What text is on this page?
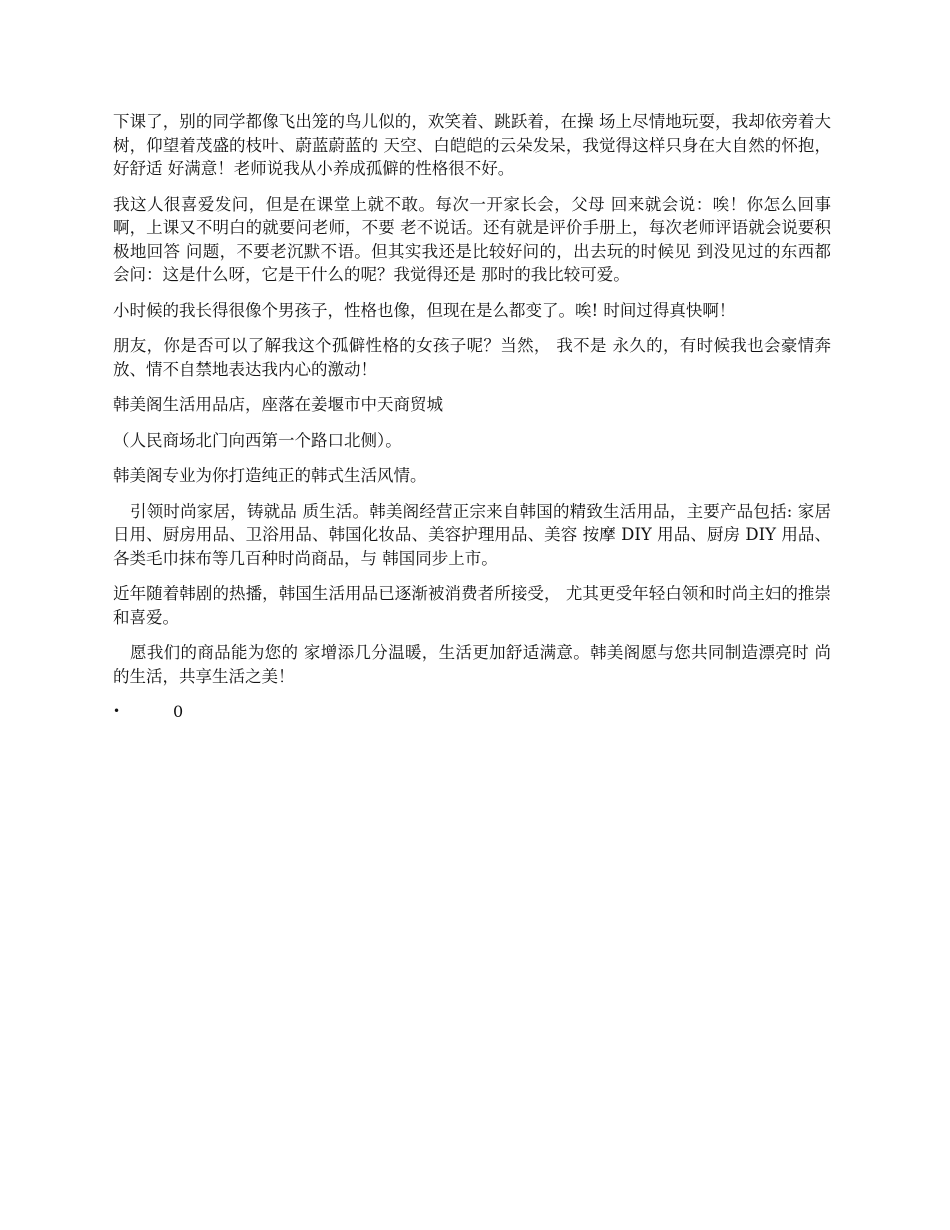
下课了，别的同学都像飞出笼的鸟儿似的，欢笑着、跳跃着，在操 场上尽情地玩耍，我却依旁着大树，仰望着茂盛的枝叶、蔚蓝蔚蓝的 天空、白皑皑的云朵发呆，我觉得这样只身在大自然的怀抱，好舒适 好满意！老师说我从小养成孤僻的性格很不好。

我这人很喜爱发问，但是在课堂上就不敢。每次一开家长会，父母 回来就会说：唉！你怎么回事啊，上课又不明白的就要问老师，不要 老不说话。还有就是评价手册上，每次老师评语就会说要积极地回答 问题，不要老沉默不语。但其实我还是比较好问的，出去玩的时候见 到没见过的东西都会问：这是什么呀，它是干什么的呢？我觉得还是 那时的我比较可爱。

小时候的我长得很像个男孩子，性格也像，但现在是么都变了。唉! 时间过得真快啊！

朋友，你是否可以了解我这个孤僻性格的女孩子呢？当然， 我不是 永久的，有时候我也会豪情奔放、情不自禁地表达我内心的激动！

韩美阁生活用品店，座落在姜堰市中天商贸城

（人民商场北门向西第一个路口北侧）。

韩美阁专业为你打造纯正的韩式生活风情。

引领时尚家居，铸就品 质生活。韩美阁经营正宗来自韩国的精致生活用品，主要产品包括: 家居日用、厨房用品、卫浴用品、韩国化妆品、美容护理用品、美容 按摩 DIY 用品、厨房 DIY 用品、各类毛巾抹布等几百种时尚商品，与 韩国同步上市。

近年随着韩剧的热播，韩国生活用品已逐渐被消费者所接受， 尤其更受年轻白领和时尚主妇的推崇和喜爱。

愿我们的商品能为您的 家增添几分温暖，生活更加舒适满意。韩美阁愿与您共同制造漂亮时 尚的生活，共享生活之美！

•	0
